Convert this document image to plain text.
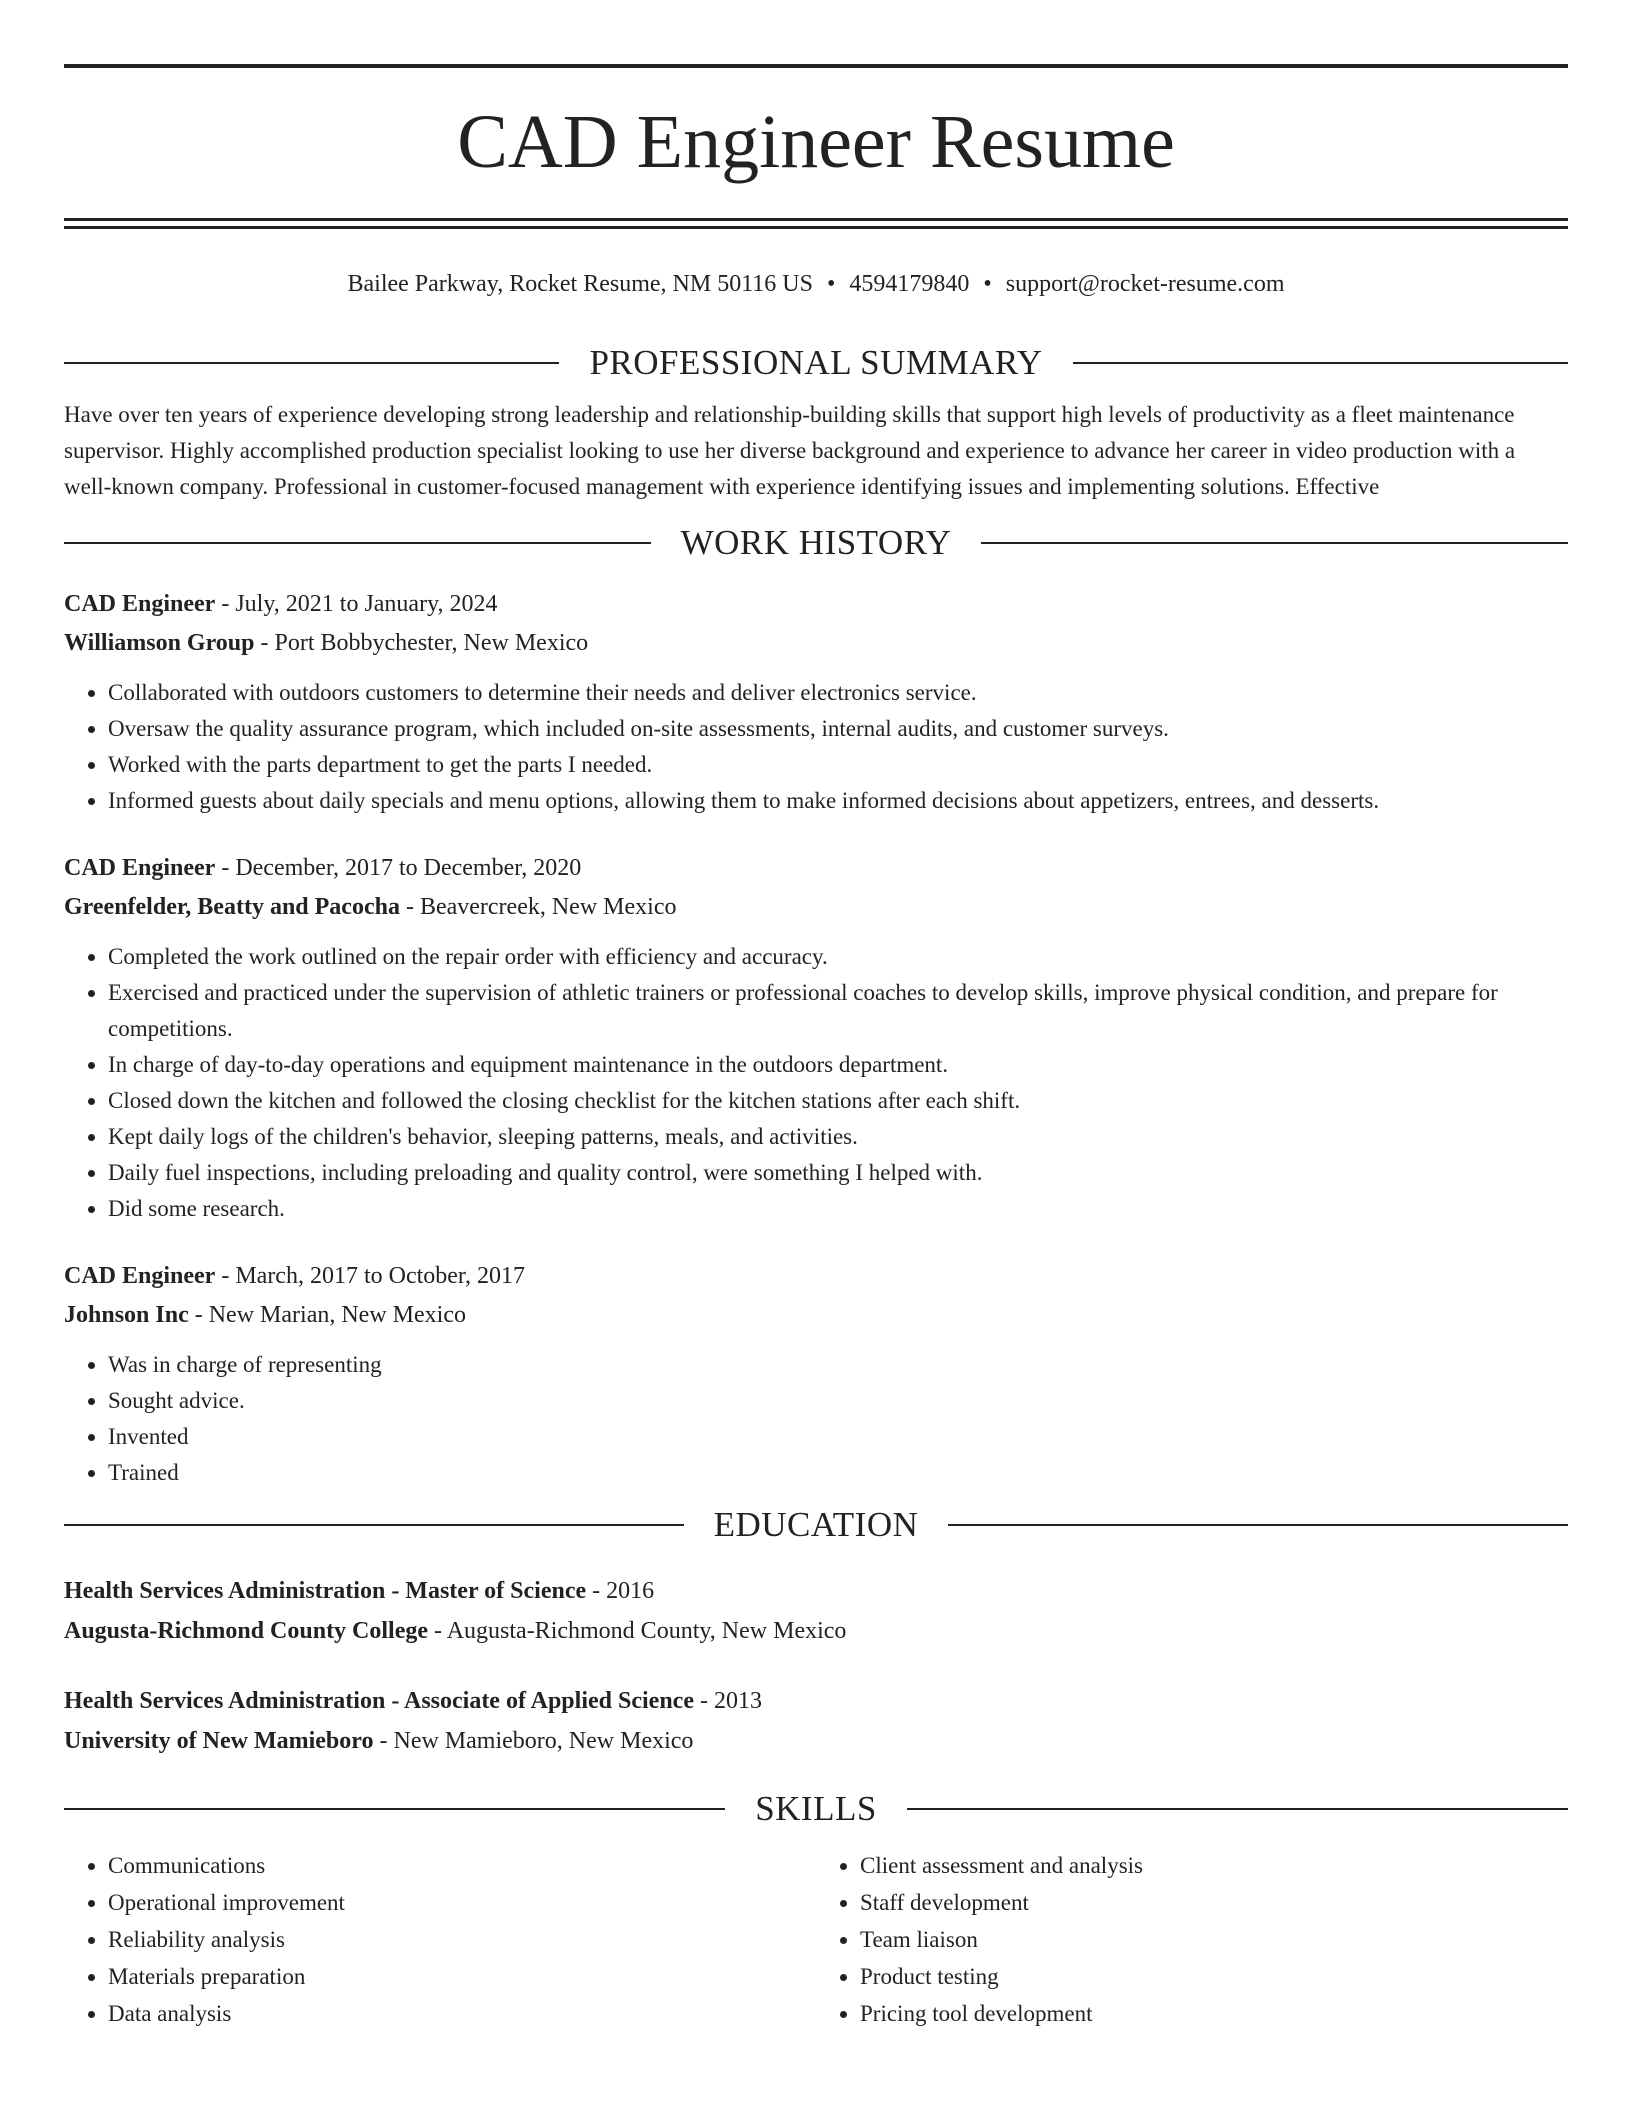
CAD Engineer Resume
Bailee Parkway, Rocket Resume, NM 50116 US • 4594179840 • support@rocket-resume.com
PROFESSIONAL SUMMARY
Have over ten years of experience developing strong leadership and relationship-building skills that support high levels of productivity as a fleet maintenance supervisor. Highly accomplished production specialist looking to use her diverse background and experience to advance her career in video production with a well-known company. Professional in customer-focused management with experience identifying issues and implementing solutions. Effective
WORK HISTORY
CAD Engineer - July, 2021 to January, 2024
Williamson Group - Port Bobbychester, New Mexico
• Collaborated with outdoors customers to determine their needs and deliver electronics service.
• Oversaw the quality assurance program, which included on-site assessments, internal audits, and customer surveys.
• Worked with the parts department to get the parts I needed.
• Informed guests about daily specials and menu options, allowing them to make informed decisions about appetizers, entrees, and desserts.
CAD Engineer - December, 2017 to December, 2020
Greenfelder, Beatty and Pacocha - Beavercreek, New Mexico
• Completed the work outlined on the repair order with efficiency and accuracy.
• Exercised and practiced under the supervision of athletic trainers or professional coaches to develop skills, improve physical condition, and prepare for competitions.
• In charge of day-to-day operations and equipment maintenance in the outdoors department.
• Closed down the kitchen and followed the closing checklist for the kitchen stations after each shift.
• Kept daily logs of the children's behavior, sleeping patterns, meals, and activities.
• Daily fuel inspections, including preloading and quality control, were something I helped with.
• Did some research.
CAD Engineer - March, 2017 to October, 2017
Johnson Inc - New Marian, New Mexico
• Was in charge of representing
• Sought advice.
• Invented
• Trained
EDUCATION
Health Services Administration - Master of Science - 2016
Augusta-Richmond County College - Augusta-Richmond County, New Mexico
Health Services Administration - Associate of Applied Science - 2013
University of New Mamieboro - New Mamieboro, New Mexico
SKILLS
• Communications
• Operational improvement
• Reliability analysis
• Materials preparation
• Data analysis
• Client assessment and analysis
• Staff development
• Team liaison
• Product testing
• Pricing tool development
